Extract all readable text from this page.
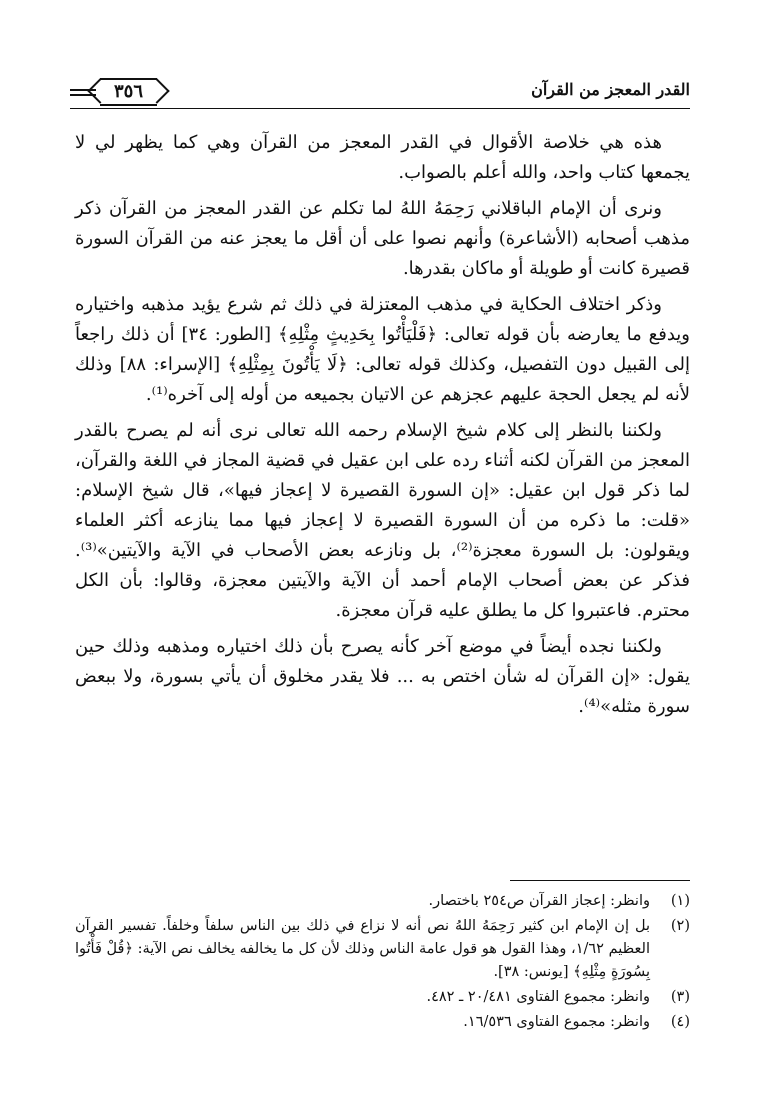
القدر المعجز من القرآن
٣٥٦

هذه هي خلاصة الأقوال في القدر المعجز من القرآن وهي كما يظهر لي لا يجمعها كتاب واحد، والله أعلم بالصواب.

ونرى أن الإمام الباقلاني رَحِمَهُ اللهُ لما تكلم عن القدر المعجز من القرآن ذكر مذهب أصحابه (الأشاعرة) وأنهم نصوا على أن أقل ما يعجز عنه من القرآن السورة قصيرة كانت أو طويلة أو ماكان بقدرها.

وذكر اختلاف الحكاية في مذهب المعتزلة في ذلك ثم شرع يؤيد مذهبه واختياره ويدفع ما يعارضه بأن قوله تعالى: ﴿فَلْيَأْتُوا بِحَدِيثٍ مِثْلِهِ﴾ [الطور: ٣٤] أن ذلك راجعاً إلى القبيل دون التفصيل، وكذلك قوله تعالى: ﴿لَا يَأْتُونَ بِمِثْلِهِ﴾ [الإسراء: ٨٨] وذلك لأنه لم يجعل الحجة عليهم عجزهم عن الاتيان بجميعه من أوله إلى آخره⁽¹⁾.

ولكننا بالنظر إلى كلام شيخ الإسلام رحمه الله تعالى نرى أنه لم يصرح بالقدر المعجز من القرآن لكنه أثناء رده على ابن عقيل في قضية المجاز في اللغة والقرآن، لما ذكر قول ابن عقيل: «إن السورة القصيرة لا إعجاز فيها»، قال شيخ الإسلام: «قلت: ما ذكره من أن السورة القصيرة لا إعجاز فيها مما ينازعه أكثر العلماء ويقولون: بل السورة معجزة⁽²⁾، بل ونازعه بعض الأصحاب في الآية والآيتين»⁽³⁾. فذكر عن بعض أصحاب الإمام أحمد أن الآية والآيتين معجزة، وقالوا: بأن الكل محترم. فاعتبروا كل ما يطلق عليه قرآن معجزة.

ولكننا نجده أيضاً في موضع آخر كأنه يصرح بأن ذلك اختياره ومذهبه وذلك حين يقول: «إن القرآن له شأن اختص به ... فلا يقدر مخلوق أن يأتي بسورة، ولا ببعض سورة مثله»⁽⁴⁾.

(١)
وانظر: إعجاز القرآن ص٢٥٤ باختصار.
(٢)
بل إن الإمام ابن كثير رَحِمَهُ اللهُ نص أنه لا نزاع في ذلك بين الناس سلفاً وخلفاً. تفسير القرآن العظيم ١/٦٢، وهذا القول هو قول عامة الناس وذلك لأن كل ما يخالفه يخالف نص الآية: ﴿قُلْ فَأْتُوا بِسُورَةٍ مِثْلِهِ﴾ [يونس: ٣٨].
(٣)
وانظر: مجموع الفتاوى ٢٠/٤٨١ ـ ٤٨٢.
(٤)
وانظر: مجموع الفتاوى ١٦/٥٣٦.
